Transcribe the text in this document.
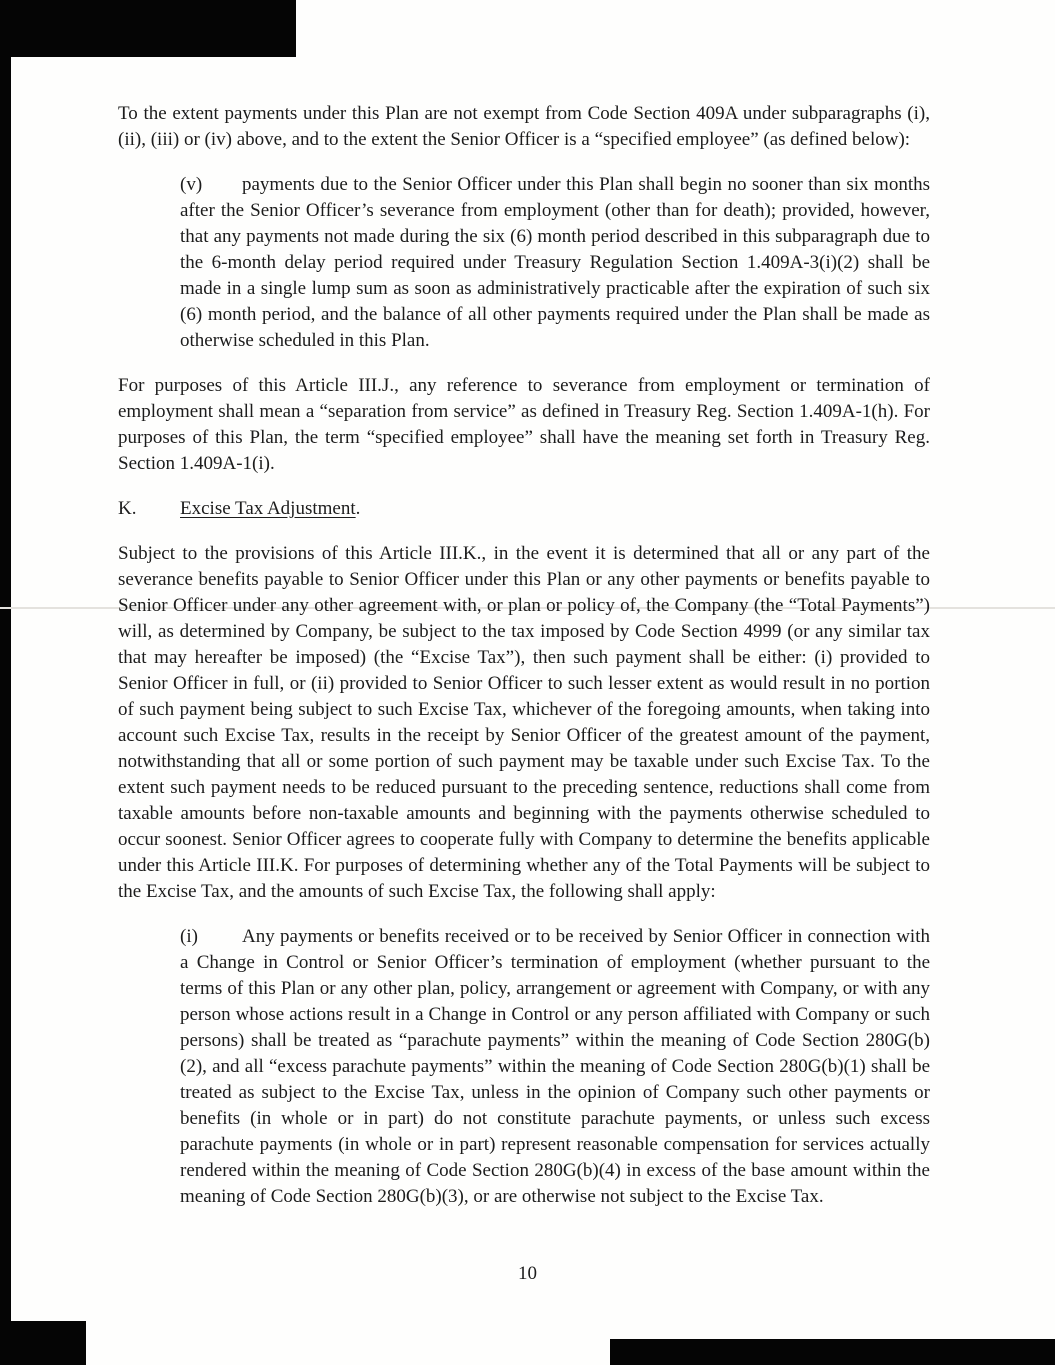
To the extent payments under this Plan are not exempt from Code Section 409A under subparagraphs (i), (ii), (iii) or (iv) above, and to the extent the Senior Officer is a “specified employee” (as defined below):

(v) payments due to the Senior Officer under this Plan shall begin no sooner than six months after the Senior Officer’s severance from employment (other than for death); provided, however, that any payments not made during the six (6) month period described in this subparagraph due to the 6-month delay period required under Treasury Regulation Section 1.409A-3(i)(2) shall be made in a single lump sum as soon as administratively practicable after the expiration of such six (6) month period, and the balance of all other payments required under the Plan shall be made as otherwise scheduled in this Plan.

For purposes of this Article III.J., any reference to severance from employment or termination of employment shall mean a “separation from service” as defined in Treasury Reg. Section 1.409A-1(h). For purposes of this Plan, the term “specified employee” shall have the meaning set forth in Treasury Reg. Section 1.409A-1(i).

K. Excise Tax Adjustment.

Subject to the provisions of this Article III.K., in the event it is determined that all or any part of the severance benefits payable to Senior Officer under this Plan or any other payments or benefits payable to Senior Officer under any other agreement with, or plan or policy of, the Company (the “Total Payments”) will, as determined by Company, be subject to the tax imposed by Code Section 4999 (or any similar tax that may hereafter be imposed) (the “Excise Tax”), then such payment shall be either: (i) provided to Senior Officer in full, or (ii) provided to Senior Officer to such lesser extent as would result in no portion of such payment being subject to such Excise Tax, whichever of the foregoing amounts, when taking into account such Excise Tax, results in the receipt by Senior Officer of the greatest amount of the payment, notwithstanding that all or some portion of such payment may be taxable under such Excise Tax. To the extent such payment needs to be reduced pursuant to the preceding sentence, reductions shall come from taxable amounts before non-taxable amounts and beginning with the payments otherwise scheduled to occur soonest. Senior Officer agrees to cooperate fully with Company to determine the benefits applicable under this Article III.K. For purposes of determining whether any of the Total Payments will be subject to the Excise Tax, and the amounts of such Excise Tax, the following shall apply:

(i) Any payments or benefits received or to be received by Senior Officer in connection with a Change in Control or Senior Officer’s termination of employment (whether pursuant to the terms of this Plan or any other plan, policy, arrangement or agreement with Company, or with any person whose actions result in a Change in Control or any person affiliated with Company or such persons) shall be treated as “parachute payments” within the meaning of Code Section 280G(b)(2), and all “excess parachute payments” within the meaning of Code Section 280G(b)(1) shall be treated as subject to the Excise Tax, unless in the opinion of Company such other payments or benefits (in whole or in part) do not constitute parachute payments, or unless such excess parachute payments (in whole or in part) represent reasonable compensation for services actually rendered within the meaning of Code Section 280G(b)(4) in excess of the base amount within the meaning of Code Section 280G(b)(3), or are otherwise not subject to the Excise Tax.
10
